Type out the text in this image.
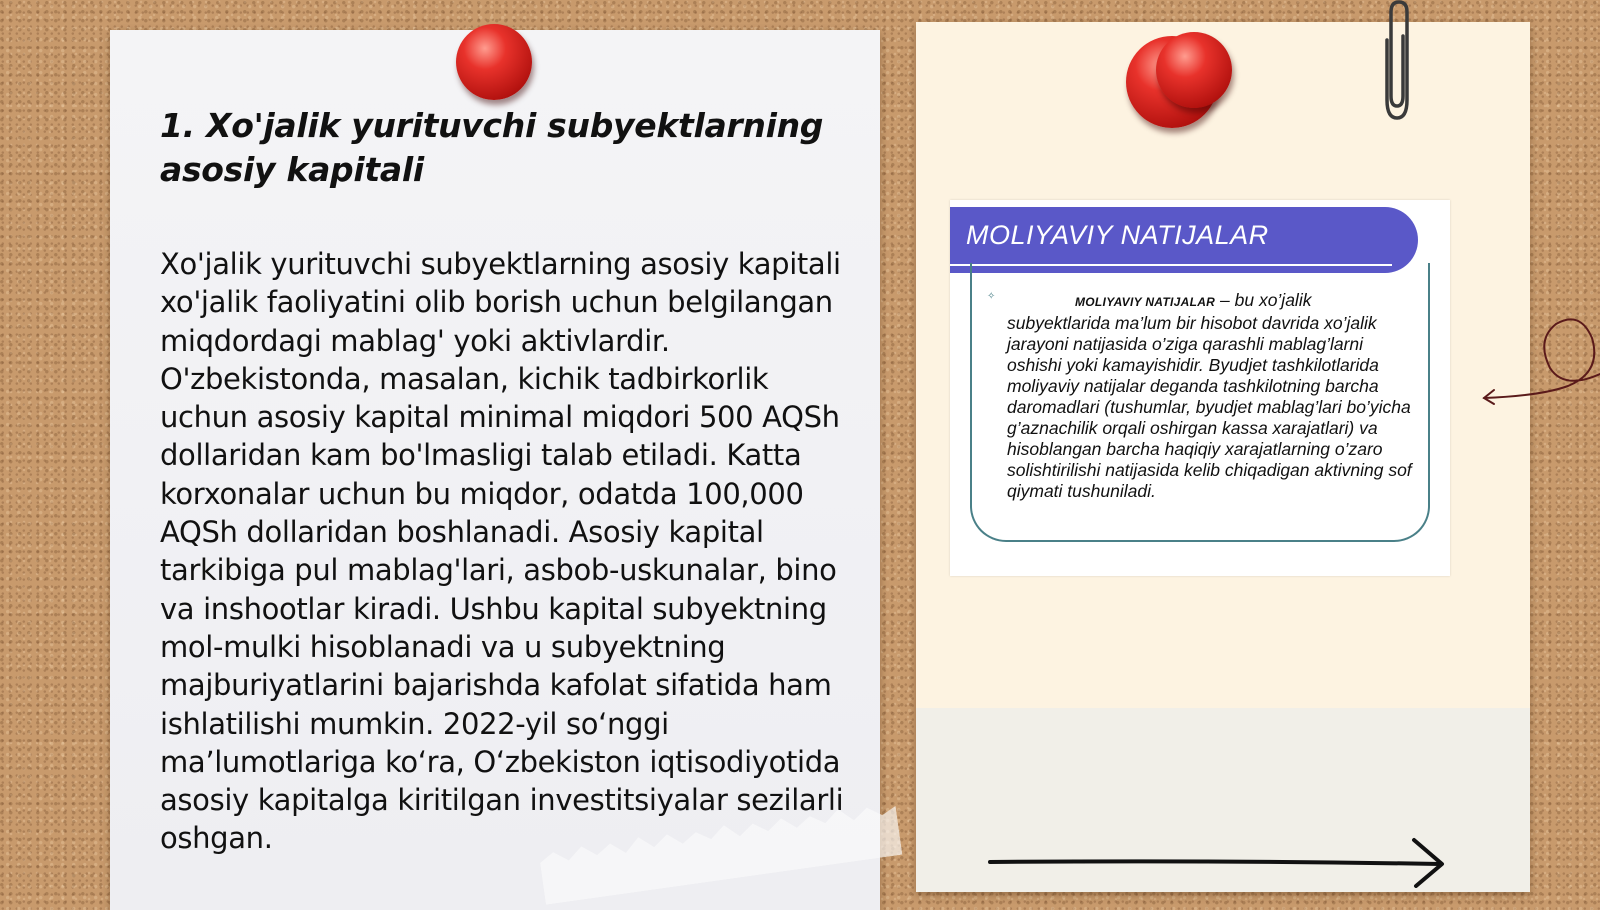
1. Xo'jalik yurituvchi subyektlarning asosiy kapitali

Xo'jalik yurituvchi subyektlarning asosiy kapitali xo'jalik faoliyatini olib borish uchun belgilangan miqdordagi mablag' yoki aktivlardir. O'zbekistonda, masalan, kichik tadbirkorlik uchun asosiy kapital minimal miqdori 500 AQSh dollaridan kam bo'lmasligi talab etiladi. Katta korxonalar uchun bu miqdor, odatda 100,000 AQSh dollaridan boshlanadi. Asosiy kapital tarkibiga pul mablag'lari, asbob-uskunalar, bino va inshootlar kiradi. Ushbu kapital subyektning mol-mulki hisoblanadi va u subyektning majburiyatlarini bajarishda kafolat sifatida ham ishlatilishi mumkin. 2022-yil so‘nggi ma’lumotlariga ko‘ra, O‘zbekiston iqtisodiyotida asosiy kapitalga kiritilgan investitsiyalar sezilarli oshgan.

MOLIYAVIY NATIJALAR

✧	MOLIYAVIY NATIJALAR – bu xo’jalik subyektlarida ma’lum bir hisobot davrida xo’jalik jarayoni natijasida o’ziga qarashli mablag’larni oshishi yoki kamayishidir. Byudjet tashkilotlarida moliyaviy natijalar deganda tashkilotning barcha daromadlari (tushumlar, byudjet mablag’lari bo’yicha g’aznachilik orqali oshirgan kassa xarajatlari) va hisoblangan barcha haqiqiy xarajatlarning o’zaro solishtirilishi natijasida kelib chiqadigan aktivning sof qiymati tushuniladi.
